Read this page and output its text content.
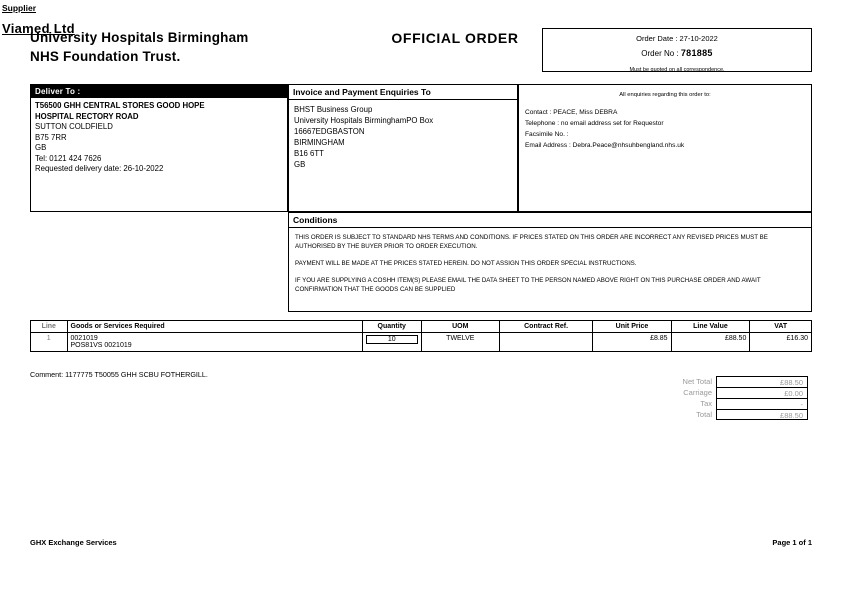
University Hospitals Birmingham
NHS Foundation Trust.
OFFICIAL ORDER	Order Date : 27-10-2022
Order No : 781885
Must be quoted on all correspondence.
Deliver To :
T56500 GHH CENTRAL STORES GOOD HOPE
HOSPITAL RECTORY ROAD
SUTTON COLDFIELD
B75 7RR
GB
Tel: 0121 424 7626
Requested delivery date: 26-10-2022
Invoice and Payment Enquiries To
BHST Business Group
University Hospitals BirminghamPO Box
16667EDGBASTON
BIRMINGHAM
B16 6TT
GB
All enquiries regarding this order to:
Contact : PEACE, Miss DEBRA
Telephone : no email address set for Requestor
Facsimile No. :
Email Address : Debra.Peace@nhsuhbengland.nhs.uk
Supplier
Viamed Ltd
Conditions

THIS ORDER IS SUBJECT TO STANDARD NHS TERMS AND CONDITIONS. IF PRICES STATED ON THIS ORDER ARE INCORRECT ANY REVISED PRICES MUST BE AUTHORISED BY THE BUYER PRIOR TO ORDER EXECUTION.

PAYMENT WILL BE MADE AT THE PRICES STATED HEREIN. DO NOT ASSIGN THIS ORDER SPECIAL INSTRUCTIONS.

IF YOU ARE SUPPLYING A COSHH ITEM(S) PLEASE EMAIL THE DATA SHEET TO THE PERSON NAMED ABOVE RIGHT ON THIS PURCHASE ORDER AND AWAIT CONFIRMATION THAT THE GOODS CAN BE SUPPLIED

Line	Goods or Services Required	Quantity	UOM	Contract Ref.	Unit Price	Line Value	VAT
1	0021019
POS81VS 0021019	10	TWELVE		£8.85	£88.50	£16.30
Comment: 1177775 T50055 GHH SCBU FOTHERGILL.
Net Total	£88.50
Carriage	£0.00
Tax	-
Total	£88.50
GHX Exchange Services	Page 1 of 1
